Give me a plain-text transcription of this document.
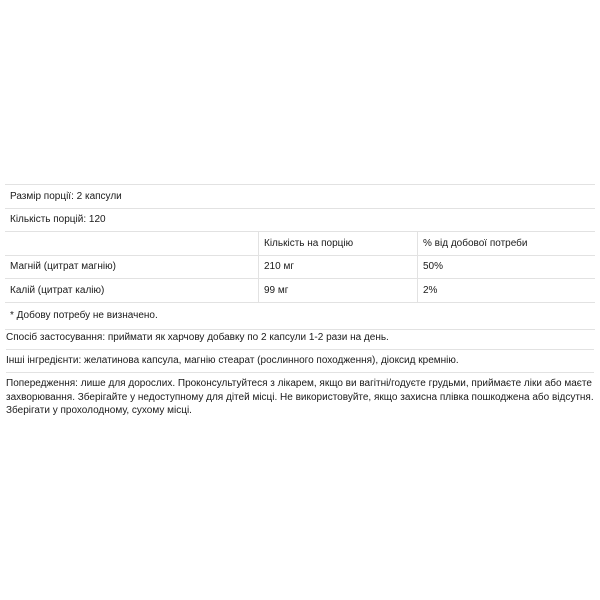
Размір порції: 2 капсули		
Кількість порцій: 120		
	Кількість на порцію	% від добової потреби
Магній (цитрат магнію)	210 мг	50%
Калій (цитрат калію)	99 мг	2%
* Добову потребу не визначено.		
Спосіб застосування: приймати як харчову добавку по 2 капсули 1-2 рази на день.
Інші інгредієнти: желатинова капсула, магнію стеарат (рослинного походження), діоксид кремнію.
Попередження: лише для дорослих. Проконсультуйтеся з лікарем, якщо ви вагітні/годуєте грудьми, приймаєте ліки або маєте захворювання. Зберігайте у недоступному для дітей місці. Не використовуйте, якщо захисна плівка пошкоджена або відсутня. Зберігати у прохолодному, сухому місці.
